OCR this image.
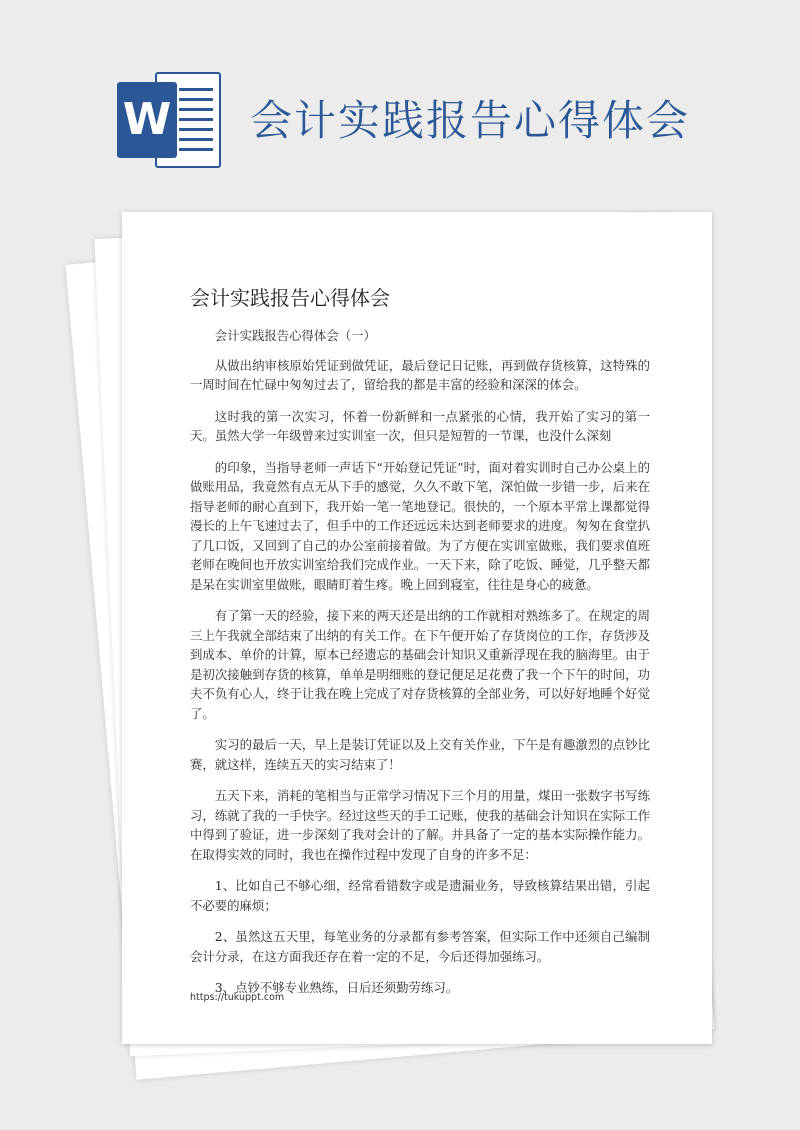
W 会计实践报告心得体会
会计实践报告心得体会

会计实践报告心得体会（一）

从做出纳审核原始凭证到做凭证，最后登记日记账，再到做存货核算，这特殊的一周时间在忙碌中匆匆过去了，留给我的都是丰富的经验和深深的体会。

这时我的第一次实习，怀着一份新鲜和一点紧张的心情，我开始了实习的第一天。虽然大学一年级曾来过实训室一次，但只是短暂的一节课，也没什么深刻

的印象，当指导老师一声话下“开始登记凭证”时，面对着实训时自己办公桌上的做账用品，我竟然有点无从下手的感觉，久久不敢下笔，深怕做一步错一步，后来在指导老师的耐心直到下，我开始一笔一笔地登记。很快的，一个原本平常上课都觉得漫长的上午飞速过去了，但手中的工作还远远未达到老师要求的进度。匆匆在食堂扒了几口饭，又回到了自己的办公室前接着做。为了方便在实训室做账，我们要求值班老师在晚间也开放实训室给我们完成作业。一天下来，除了吃饭、睡觉，几乎整天都是呆在实训室里做账，眼睛盯着生疼。晚上回到寝室，往往是身心的疲惫。

有了第一天的经验，接下来的两天还是出纳的工作就相对熟练多了。在规定的周三上午我就全部结束了出纳的有关工作。在下午便开始了存货岗位的工作，存货涉及到成本、单价的计算，原本已经遗忘的基础会计知识又重新浮现在我的脑海里。由于是初次接触到存货的核算，单单是明细账的登记便足足花费了我一个下午的时间，功夫不负有心人，终于让我在晚上完成了对存货核算的全部业务，可以好好地睡个好觉了。

实习的最后一天，早上是装订凭证以及上交有关作业，下午是有趣激烈的点钞比赛，就这样，连续五天的实习结束了！

五天下来，消耗的笔相当与正常学习情况下三个月的用量，煤田一张数字书写练习，练就了我的一手快字。经过这些天的手工记账，使我的基础会计知识在实际工作中得到了验证，进一步深刻了我对会计的了解。并具备了一定的基本实际操作能力。在取得实效的同时，我也在操作过程中发现了自身的许多不足：

1、比如自己不够心细，经常看错数字或是遗漏业务，导致核算结果出错，引起不必要的麻烦；

2、虽然这五天里，每笔业务的分录都有参考答案，但实际工作中还须自己编制会计分录，在这方面我还存在着一定的不足，今后还得加强练习。

3、点钞不够专业熟练，日后还须勤劳练习。

https://tukuppt.com
